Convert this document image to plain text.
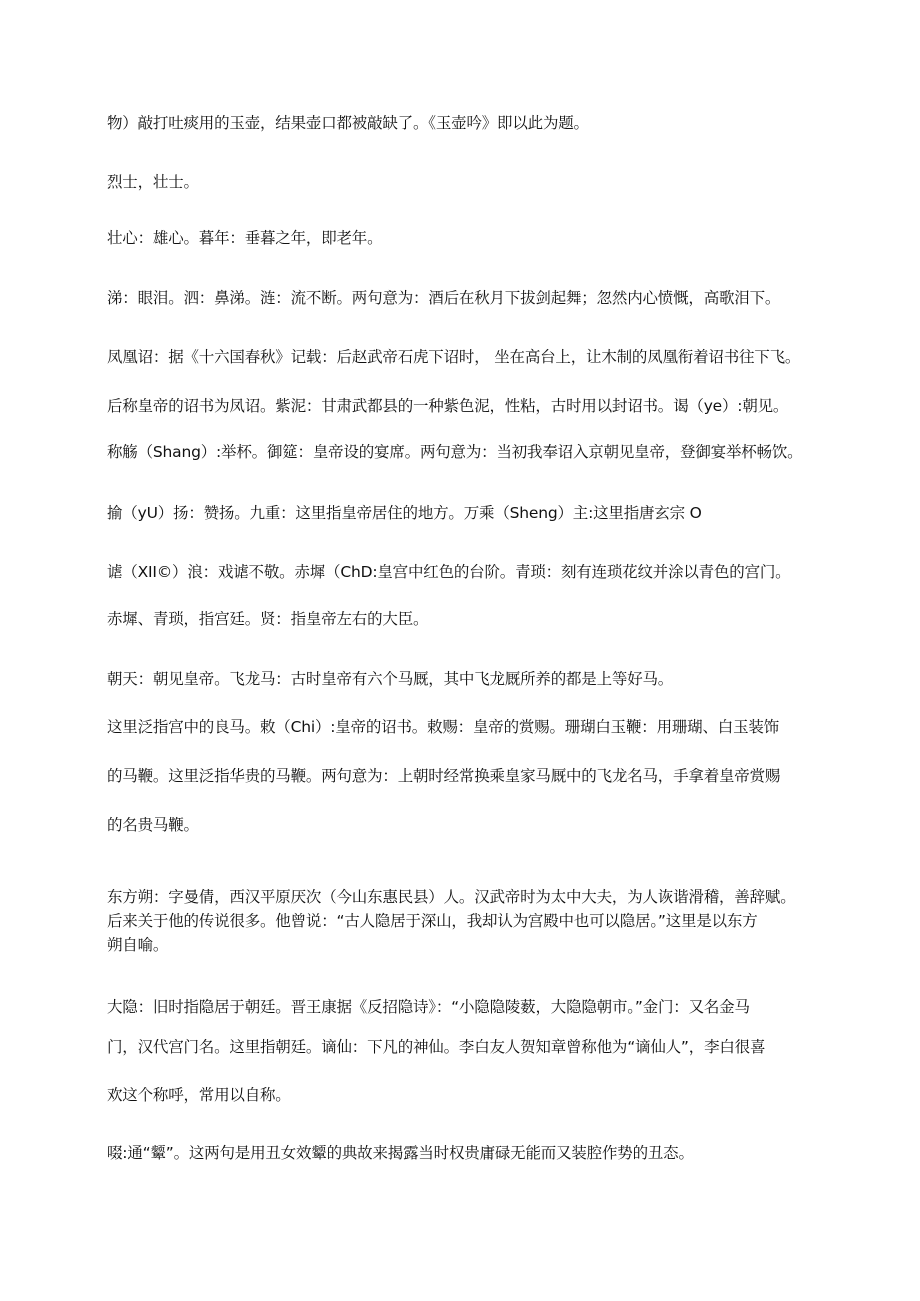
物）敲打吐痰用的玉壶，结果壶口都被敲缺了。《玉壶吟》即以此为题。
烈士，壮士。
壮心：雄心。暮年：垂暮之年，即老年。
涕：眼泪。泗：鼻涕。涟：流不断。两句意为：酒后在秋月下拔剑起舞；忽然内心愤慨，高歌泪下。
凤凰诏：据《十六国春秋》记载：后赵武帝石虎下诏时， 坐在高台上，让木制的凤凰衔着诏书往下飞。
后称皇帝的诏书为凤诏。紫泥：甘肃武都县的一种紫色泥，性粘，古时用以封诏书。谒（ye）:朝见。
称觞（Shang）:举杯。御筵：皇帝设的宴席。两句意为：当初我奉诏入京朝见皇帝，登御宴举杯畅饮。
揄（yU）扬：赞扬。九重：这里指皇帝居住的地方。万乘（Sheng）主:这里指唐玄宗 O
谑（XII©）浪：戏谑不敬。赤墀（ChD:皇宫中红色的台阶。青琐：刻有连琐花纹并涂以青色的宫门。
赤墀、青琐，指宫廷。贤：指皇帝左右的大臣。
朝天：朝见皇帝。飞龙马：古时皇帝有六个马厩，其中飞龙厩所养的都是上等好马。
这里泛指宫中的良马。敕（Chi）:皇帝的诏书。敕赐：皇帝的赏赐。珊瑚白玉鞭：用珊瑚、白玉装饰
的马鞭。这里泛指华贵的马鞭。两句意为：上朝时经常换乘皇家马厩中的飞龙名马，手拿着皇帝赏赐
的名贵马鞭。
东方朔：字曼倩，西汉平原厌次（今山东惠民县）人。汉武帝时为太中大夫，为人诙谐滑稽，善辞赋。
后来关于他的传说很多。他曾说：“古人隐居于深山，我却认为宫殿中也可以隐居。”这里是以东方
朔自喻。
大隐：旧时指隐居于朝廷。晋王康据《反招隐诗》：“小隐隐陵薮，大隐隐朝市。”金门：又名金马
门，汉代宫门名。这里指朝廷。谪仙：下凡的神仙。李白友人贺知章曾称他为“谪仙人”，李白很喜
欢这个称呼，常用以自称。
啜:通“颦”。这两句是用丑女效颦的典故来揭露当时权贵庸碌无能而又装腔作势的丑态。
